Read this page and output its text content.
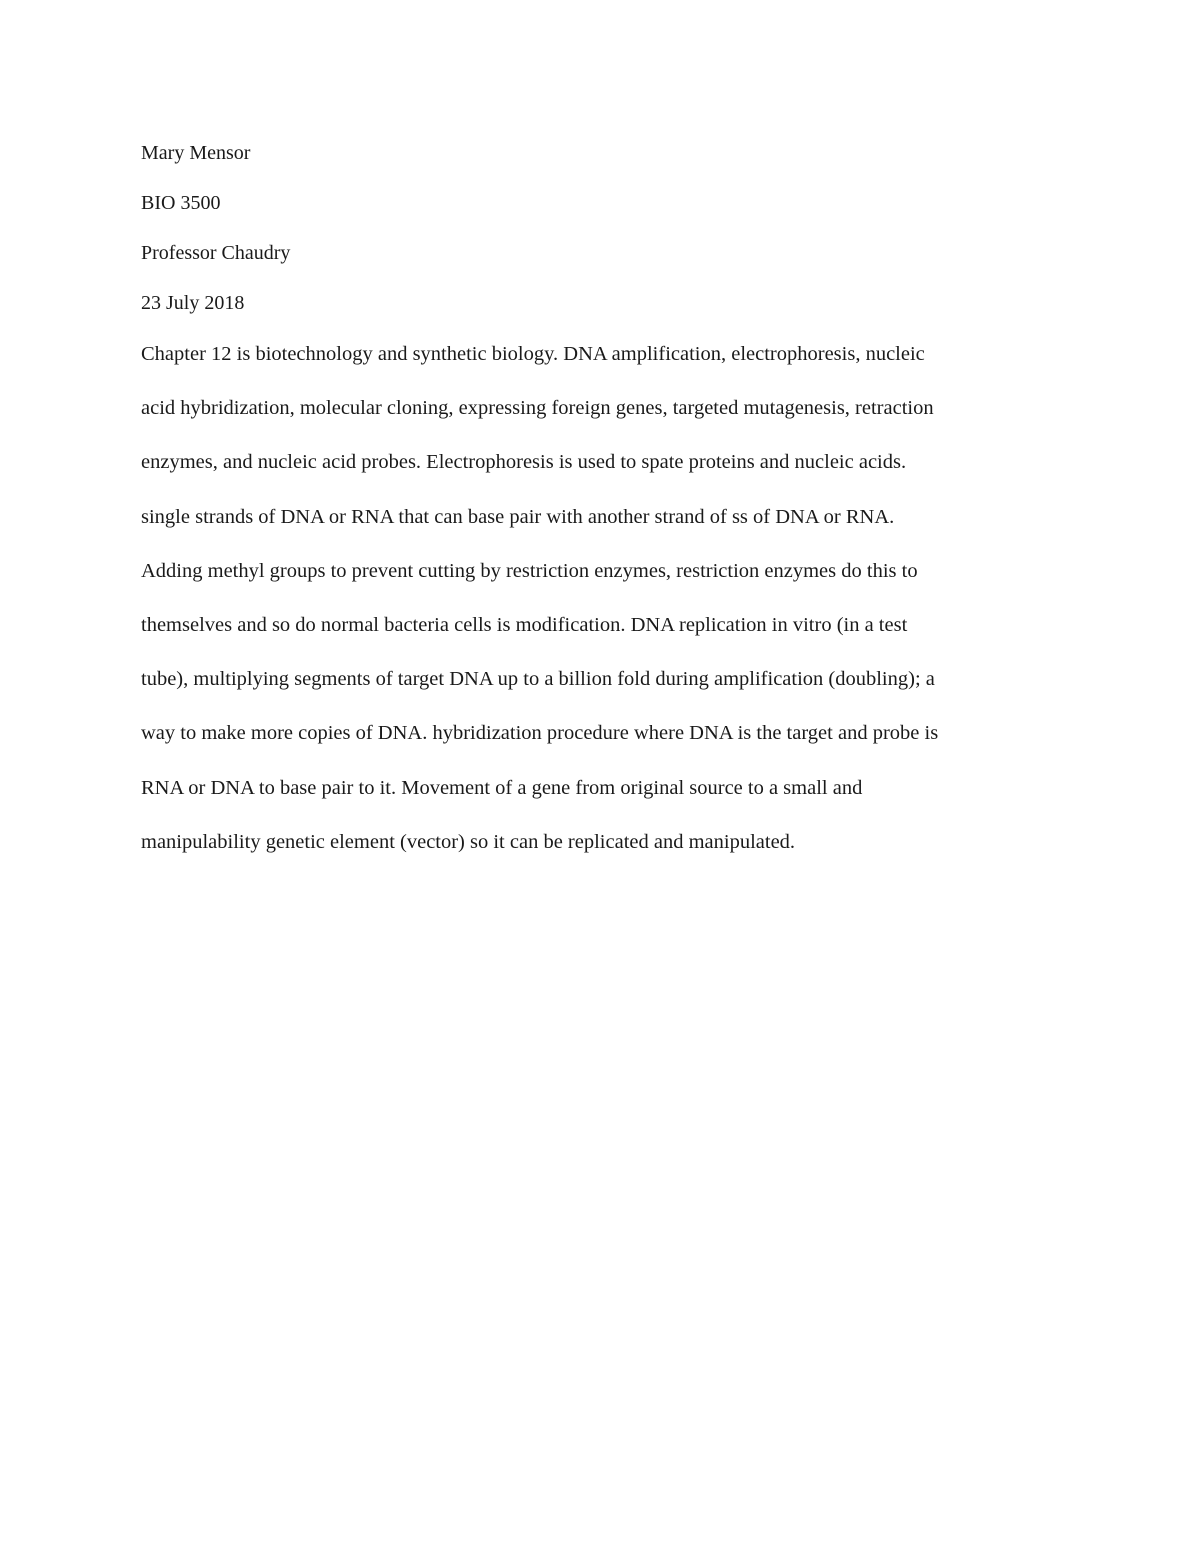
Mary Mensor
BIO 3500
Professor Chaudry
23 July 2018
Chapter 12 is biotechnology and synthetic biology. DNA amplification, electrophoresis, nucleic
acid hybridization, molecular cloning, expressing foreign genes, targeted mutagenesis, retraction
enzymes, and nucleic acid probes. Electrophoresis is used to spate proteins and nucleic acids.
single strands of DNA or RNA that can base pair with another strand of ss of DNA or RNA.
Adding methyl groups to prevent cutting by restriction enzymes, restriction enzymes do this to
themselves and so do normal bacteria cells is modification. DNA replication in vitro (in a test
tube), multiplying segments of target DNA up to a billion fold during amplification (doubling); a
way to make more copies of DNA. hybridization procedure where DNA is the target and probe is
RNA or DNA to base pair to it. Movement of a gene from original source to a small and
manipulability genetic element (vector) so it can be replicated and manipulated.
